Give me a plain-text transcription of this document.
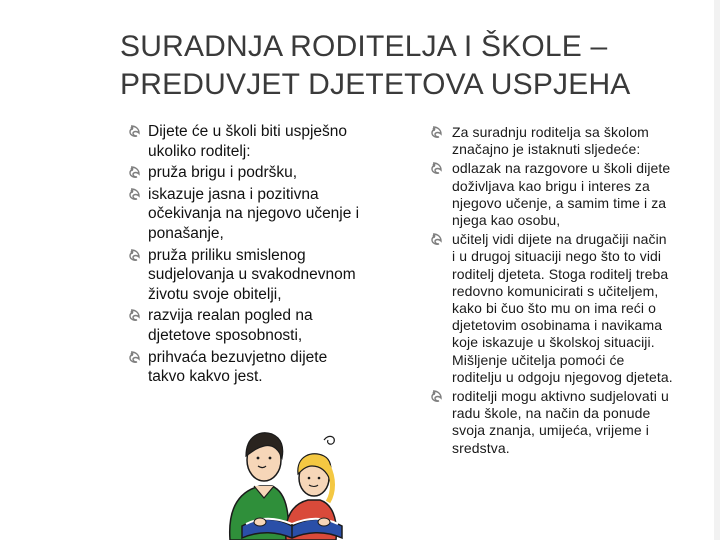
SURADNJA RODITELJA I ŠKOLE –
PREDUVJET DJETETOVA USPJEHA
Dijete će u školi biti uspješno
ukoliko roditelj:
pruža brigu i podršku,
iskazuje jasna i pozitivna
očekivanja na njegovo učenje i
ponašanje,
pruža priliku smislenog
sudjelovanja u svakodnevnom
životu svoje obitelji,
razvija realan pogled na
djetetove sposobnosti,
prihvaća bezuvjetno dijete
takvo kakvo jest.
Za suradnju roditelja sa školom
značajno je istaknuti sljedeće:
odlazak na razgovore u školi dijete
doživljava kao brigu i interes za
njegovo učenje, a samim time i za
njega kao osobu,
učitelj vidi dijete na drugačiji način
i u drugoj situaciji nego što to vidi
roditelj djeteta. Stoga roditelj treba
redovno komunicirati s učiteljem,
kako bi čuo što mu on ima reći o
djetetovim osobinama i navikama
koje iskazuje u školskoj situaciji.
Mišljenje učitelja pomoći će
roditelju u odgoju njegovog djeteta.
roditelji mogu aktivno sudjelovati u
radu škole, na način da ponude
svoja znanja, umijeća, vrijeme i
sredstva.
